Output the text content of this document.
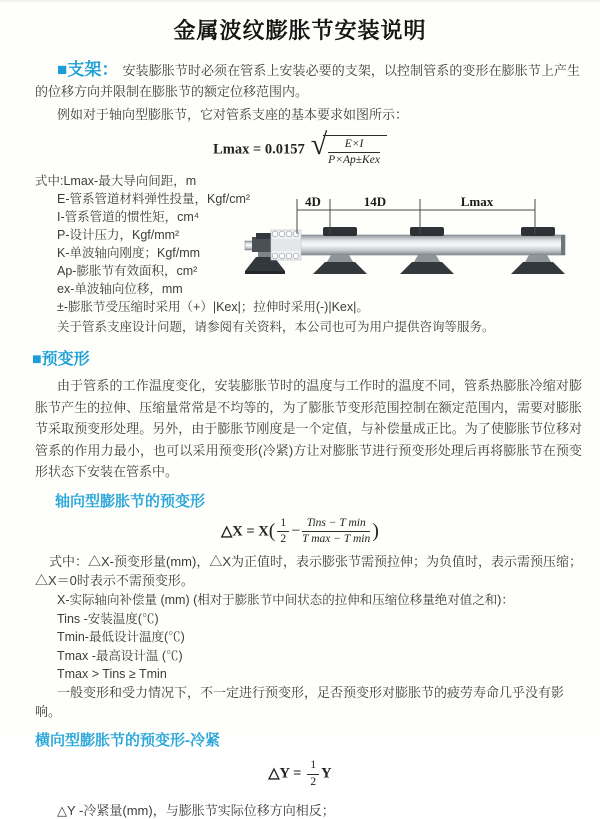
金属波纹膨胀节安装说明

■支架： 安装膨胀节时必须在管系上安装必要的支架，以控制管系的变形在膨胀节上产生的位移方向并限制在膨胀节的额定位移范围内。

例如对于轴向型膨胀节，它对管系支座的基本要求如图所示：

Lmax = 0.0157 √ $\frac{E\times I}{\text{P×Ap±Kex}}$
式中:Lmax-最大导向间距，m
E-管系管道材料弹性投量，Kgf/cm²
I-管系管道的惯性矩，cm⁴
P-设计压力，Kgf/mm²
K-单波轴向刚度；Kgf/mm
Ap-膨胀节有效面积，cm²
ex-单波轴向位移，mm
±-膨胀节受压缩时采用（+）|Kex|；拉伸时采用(-)|Kex|。

关于管系支座设计问题，请参阅有关资料，本公司也可为用户提供咨询等服务。

4D	14D	Lmax
■预变形

由于管系的工作温度变化，安装膨胀节时的温度与工作时的温度不同，管系热膨胀冷缩对膨胀节产生的拉伸、压缩量常常是不均等的，为了膨胀节变形范围控制在额定范围内，需要对膨胀节采取预变形处理。另外，由于膨胀节刚度是一个定值，与补偿量成正比。为了使膨胀节位移对管系的作用力最小，也可以采用预变形(冷紧)方让对膨胀节进行预变形处理后再将膨胀节在预变形状态下安装在管系中。

轴向型膨胀节的预变形
△X = $X( \frac{1}{2} - \frac{\text{Tins − T min}}{\text{T max − T min}}$ )

式中：△X-预变形量(mm)，△X为正值时，表示膨张节需预拉伸；为负值时，表示需预压缩；△X＝0时表示不需预变形。

X-实际轴向补偿量 (mm) (相对于膨胀节中间状态的拉伸和压缩位移量绝对值之和)：
Tins -安装温度(℃)
Tmin-最低设计温度(℃)
Tmax -最高设计温 (℃)
Tmax > Tins ≥ Tmin

一般变形和受力情况下，不一定进行预变形，足否预变形对膨胀节的疲劳寿命几乎没有影响。

横向型膨胀节的预变形-冷紧
△Y = $\frac{1}{2}$ Y

△Y -冷紧量(mm)，与膨胀节实际位移方向相反；
